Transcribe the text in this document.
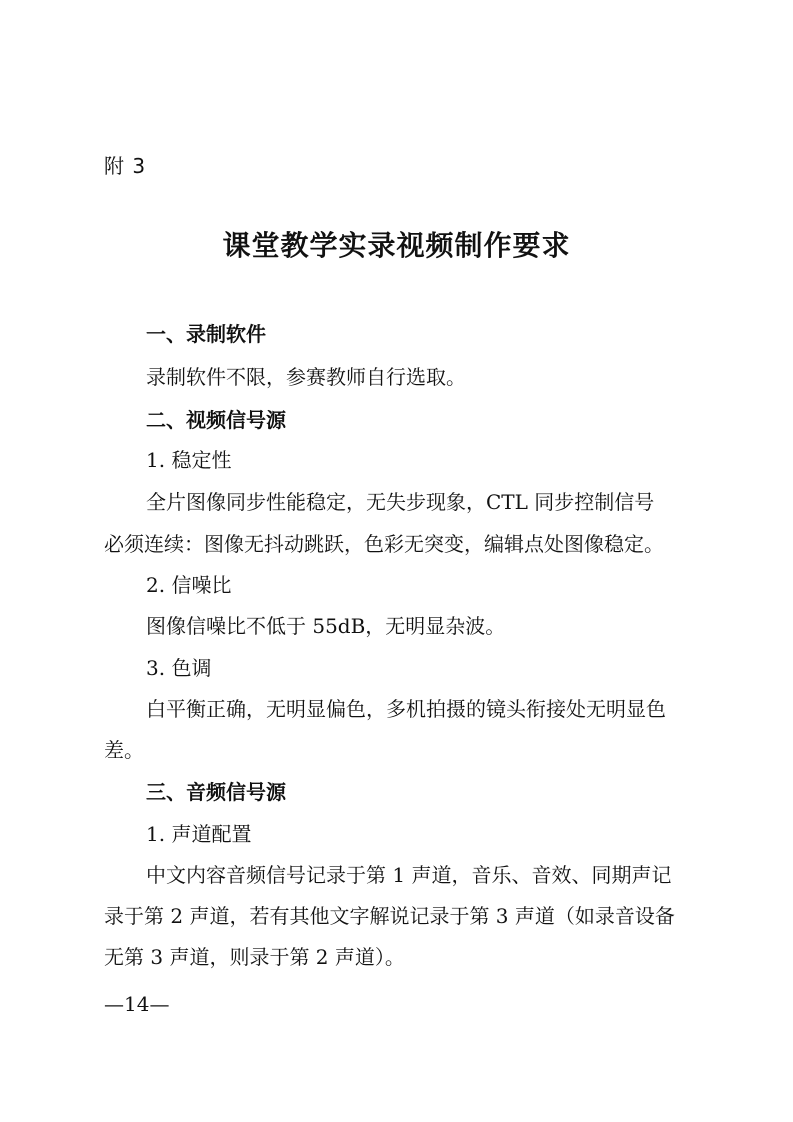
附 3
课堂教学实录视频制作要求
一、录制软件
录制软件不限，参赛教师自行选取。
二、视频信号源
1. 稳定性
全片图像同步性能稳定，无失步现象，CTL 同步控制信号
必须连续：图像无抖动跳跃，色彩无突变，编辑点处图像稳定。
2. 信噪比
图像信噪比不低于 55dB，无明显杂波。
3. 色调
白平衡正确，无明显偏色，多机拍摄的镜头衔接处无明显色
差。
三、音频信号源
1. 声道配置
中文内容音频信号记录于第 1 声道，音乐、音效、同期声记
录于第 2 声道，若有其他文字解说记录于第 3 声道（如录音设备
无第 3 声道，则录于第 2 声道）。
—14—
